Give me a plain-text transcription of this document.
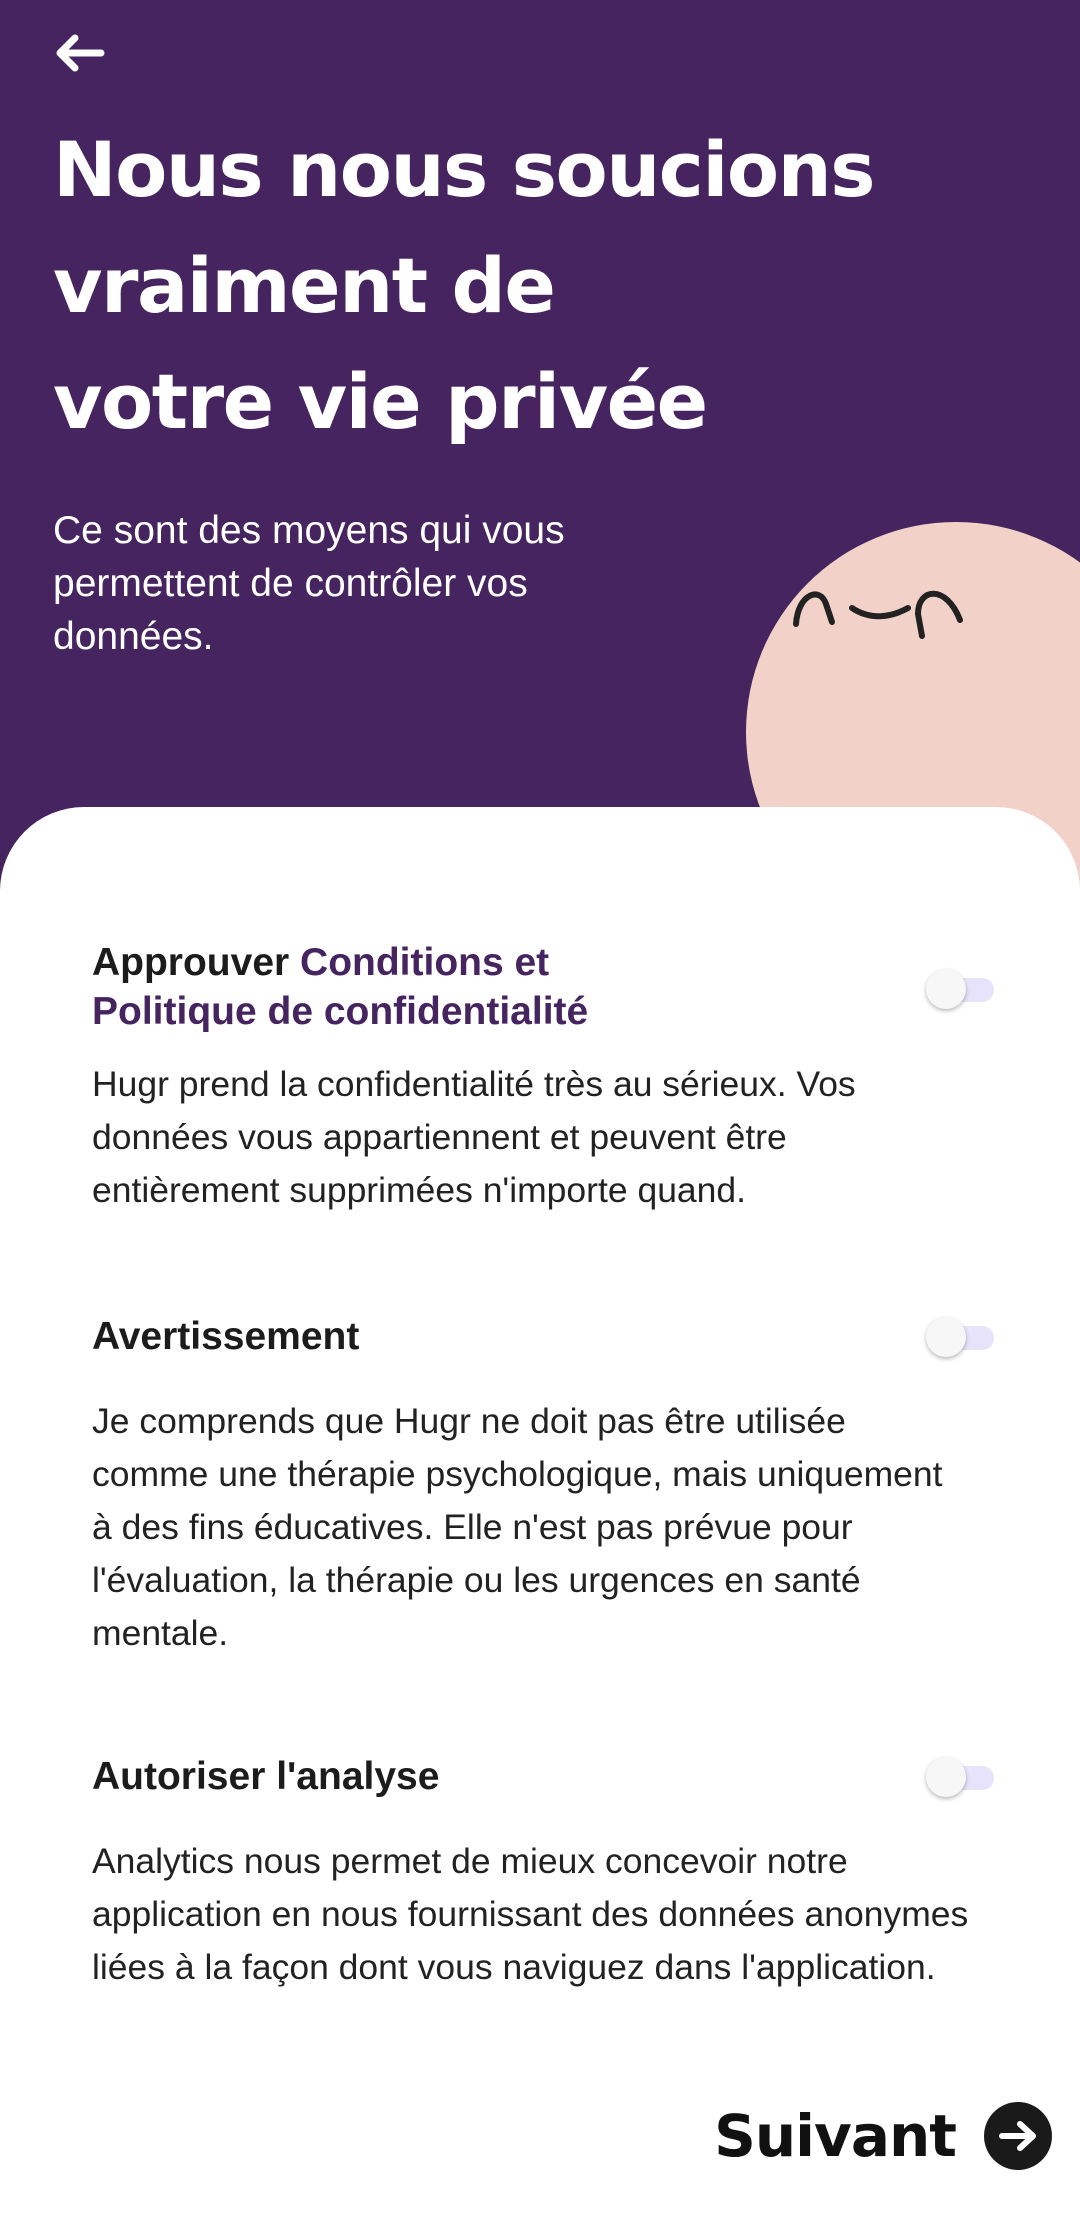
Nous nous soucions
vraiment de
votre vie privée

Ce sont des moyens qui vous permettent de contrôler vos données.

Approuver Conditions et Politique de confidentialité

Hugr prend la confidentialité très au sérieux. Vos données vous appartiennent et peuvent être entièrement supprimées n'importe quand.

Avertissement

Je comprends que Hugr ne doit pas être utilisée comme une thérapie psychologique, mais uniquement à des fins éducatives. Elle n'est pas prévue pour l'évaluation, la thérapie ou les urgences en santé mentale.

Autoriser l'analyse

Analytics nous permet de mieux concevoir notre application en nous fournissant des données anonymes liées à la façon dont vous naviguez dans l'application.

Suivant
